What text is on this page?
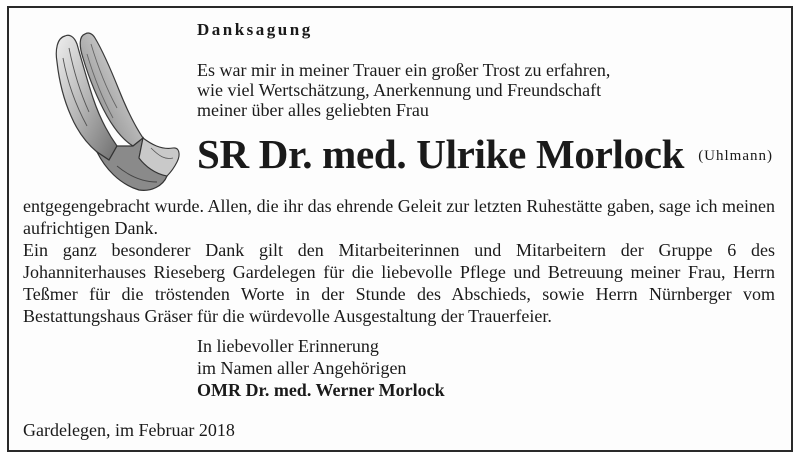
Danksagung
Es war mir in meiner Trauer ein großer Trost zu erfahren,
wie viel Wertschätzung, Anerkennung und Freundschaft
meiner über alles geliebten Frau
SR Dr. med. Ulrike Morlock (Uhlmann)

entgegengebracht wurde. Allen, die ihr das ehrende Geleit zur letzten Ruhestätte gaben, sage ich meinen aufrichtigen Dank.

Ein ganz besonderer Dank gilt den Mitarbeiterinnen und Mitarbeitern der Gruppe 6 des Johanniterhauses Rieseberg Gardelegen für die liebevolle Pflege und Betreuung meiner Frau, Herrn Teßmer für die tröstenden Worte in der Stunde des Abschieds, sowie Herrn Nürnberger vom Bestattungshaus Gräser für die würdevolle Ausgestaltung der Trauerfeier.

In liebevoller Erinnerung
im Namen aller Angehörigen
OMR Dr. med. Werner Morlock
Gardelegen, im Februar 2018
